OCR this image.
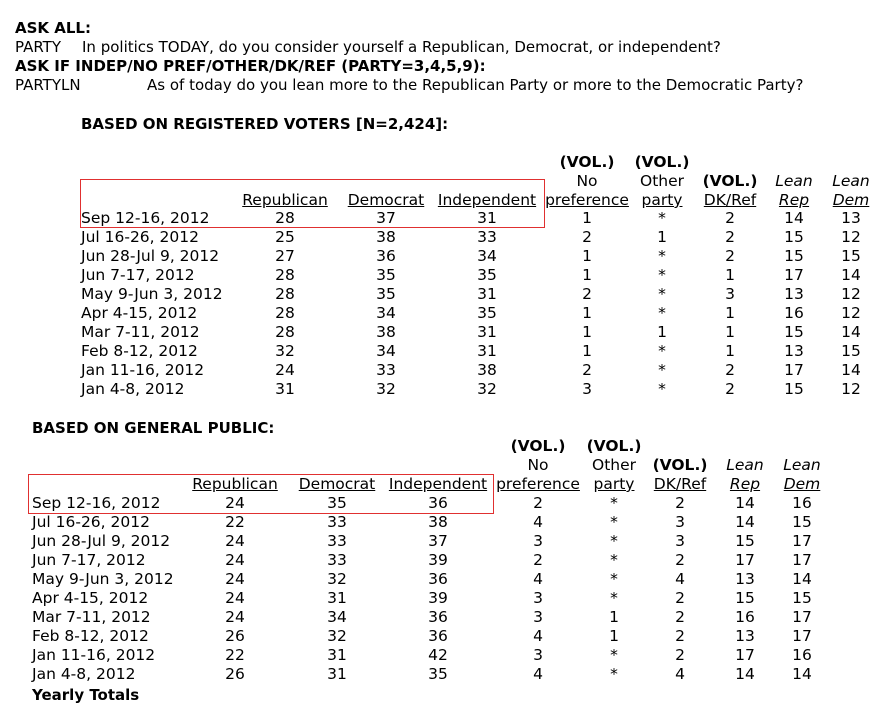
ASK ALL:
PARTY In politics TODAY, do you consider yourself a Republican, Democrat, or independent?
ASK IF INDEP/NO PREF/OTHER/DK/REF (PARTY=3,4,5,9):
PARTYLN	As of today do you lean more to the Republican Party or more to the Democratic Party?
BASED ON REGISTERED VOTERS [N=2,424]:
(VOL.) (VOL.)
No	Other (VOL.) Lean Lean
Republican Democrat Independent preference party DK/Ref Rep Dem
Sep 12-16, 2012	28	37	31	1	*	2	14 13
Jul 16-26, 2012	25	38	33	2	1	2	15 12
Jun 28-Jul 9, 2012	27	36	34	1	*	2	15 15
Jun 7-17, 2012	28	35	35	1	*	1	17 14
May 9-Jun 3, 2012	28	35	31	2	*	3	13 12
Apr 4-15, 2012	28	34	35	1	*	1	16 12
Mar 7-11, 2012	28	38	31	1	1	1	15 14
Feb 8-12, 2012	32	34	31	1	*	1	13 15
Jan 11-16, 2012	24	33	38	2	*	2	17 14
Jan 4-8, 2012	31	32	32	3	*	2	15 12
BASED ON GENERAL PUBLIC:
(VOL.) (VOL.)
No	Other (VOL.) Lean Lean
Republican Democrat Independent preference party DK/Ref Rep Dem
Sep 12-16, 2012	24	35	36	2	*	2	14 16
Jul 16-26, 2012	22	33	38	4	*	3	14 15
Jun 28-Jul 9, 2012	24	33	37	3	*	3	15 17
Jun 7-17, 2012	24	33	39	2	*	2	17 17
May 9-Jun 3, 2012	24	32	36	4	*	4	13 14
Apr 4-15, 2012	24	31	39	3	*	2	15 15
Mar 7-11, 2012	24	34	36	3	1	2	16 17
Feb 8-12, 2012	26	32	36	4	1	2	13 17
Jan 11-16, 2012	22	31	42	3	*	2	17 16
Jan 4-8, 2012	26	31	35	4	*	4	14 14
Yearly Totals
